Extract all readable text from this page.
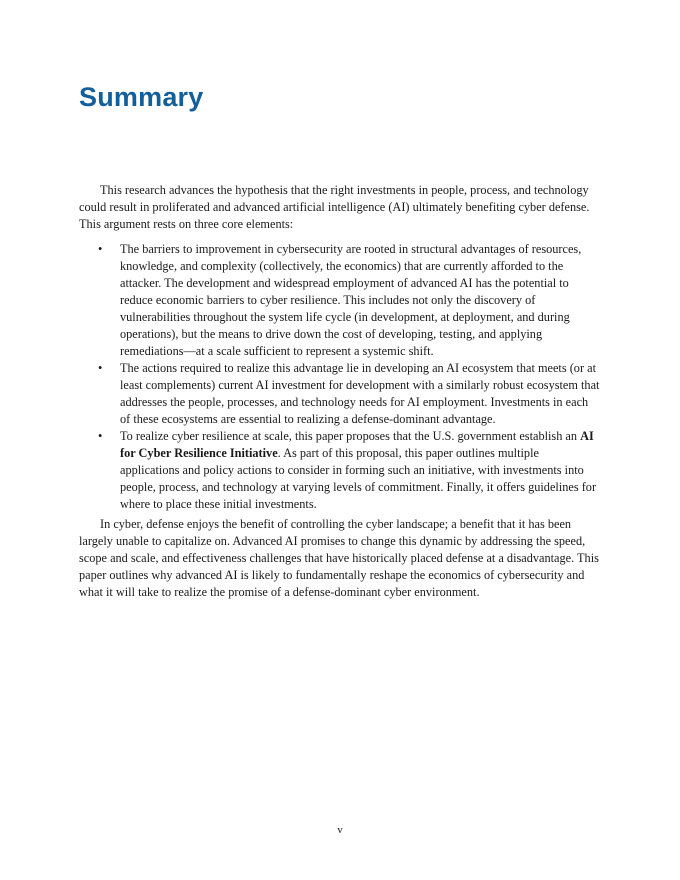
Summary

This research advances the hypothesis that the right investments in people, process, and technology could result in proliferated and advanced artificial intelligence (AI) ultimately benefiting cyber defense. This argument rests on three core elements:

• The barriers to improvement in cybersecurity are rooted in structural advantages of resources, knowledge, and complexity (collectively, the economics) that are currently afforded to the attacker. The development and widespread employment of advanced AI has the potential to reduce economic barriers to cyber resilience. This includes not only the discovery of vulnerabilities throughout the system life cycle (in development, at deployment, and during operations), but the means to drive down the cost of developing, testing, and applying remediations—at a scale sufficient to represent a systemic shift.
• The actions required to realize this advantage lie in developing an AI ecosystem that meets (or at least complements) current AI investment for development with a similarly robust ecosystem that addresses the people, processes, and technology needs for AI employment. Investments in each of these ecosystems are essential to realizing a defense-dominant advantage.
• To realize cyber resilience at scale, this paper proposes that the U.S. government establish an AI for Cyber Resilience Initiative. As part of this proposal, this paper outlines multiple applications and policy actions to consider in forming such an initiative, with investments into people, process, and technology at varying levels of commitment. Finally, it offers guidelines for where to place these initial investments.

In cyber, defense enjoys the benefit of controlling the cyber landscape; a benefit that it has been largely unable to capitalize on. Advanced AI promises to change this dynamic by addressing the speed, scope and scale, and effectiveness challenges that have historically placed defense at a disadvantage. This paper outlines why advanced AI is likely to fundamentally reshape the economics of cybersecurity and what it will take to realize the promise of a defense-dominant cyber environment.

v
